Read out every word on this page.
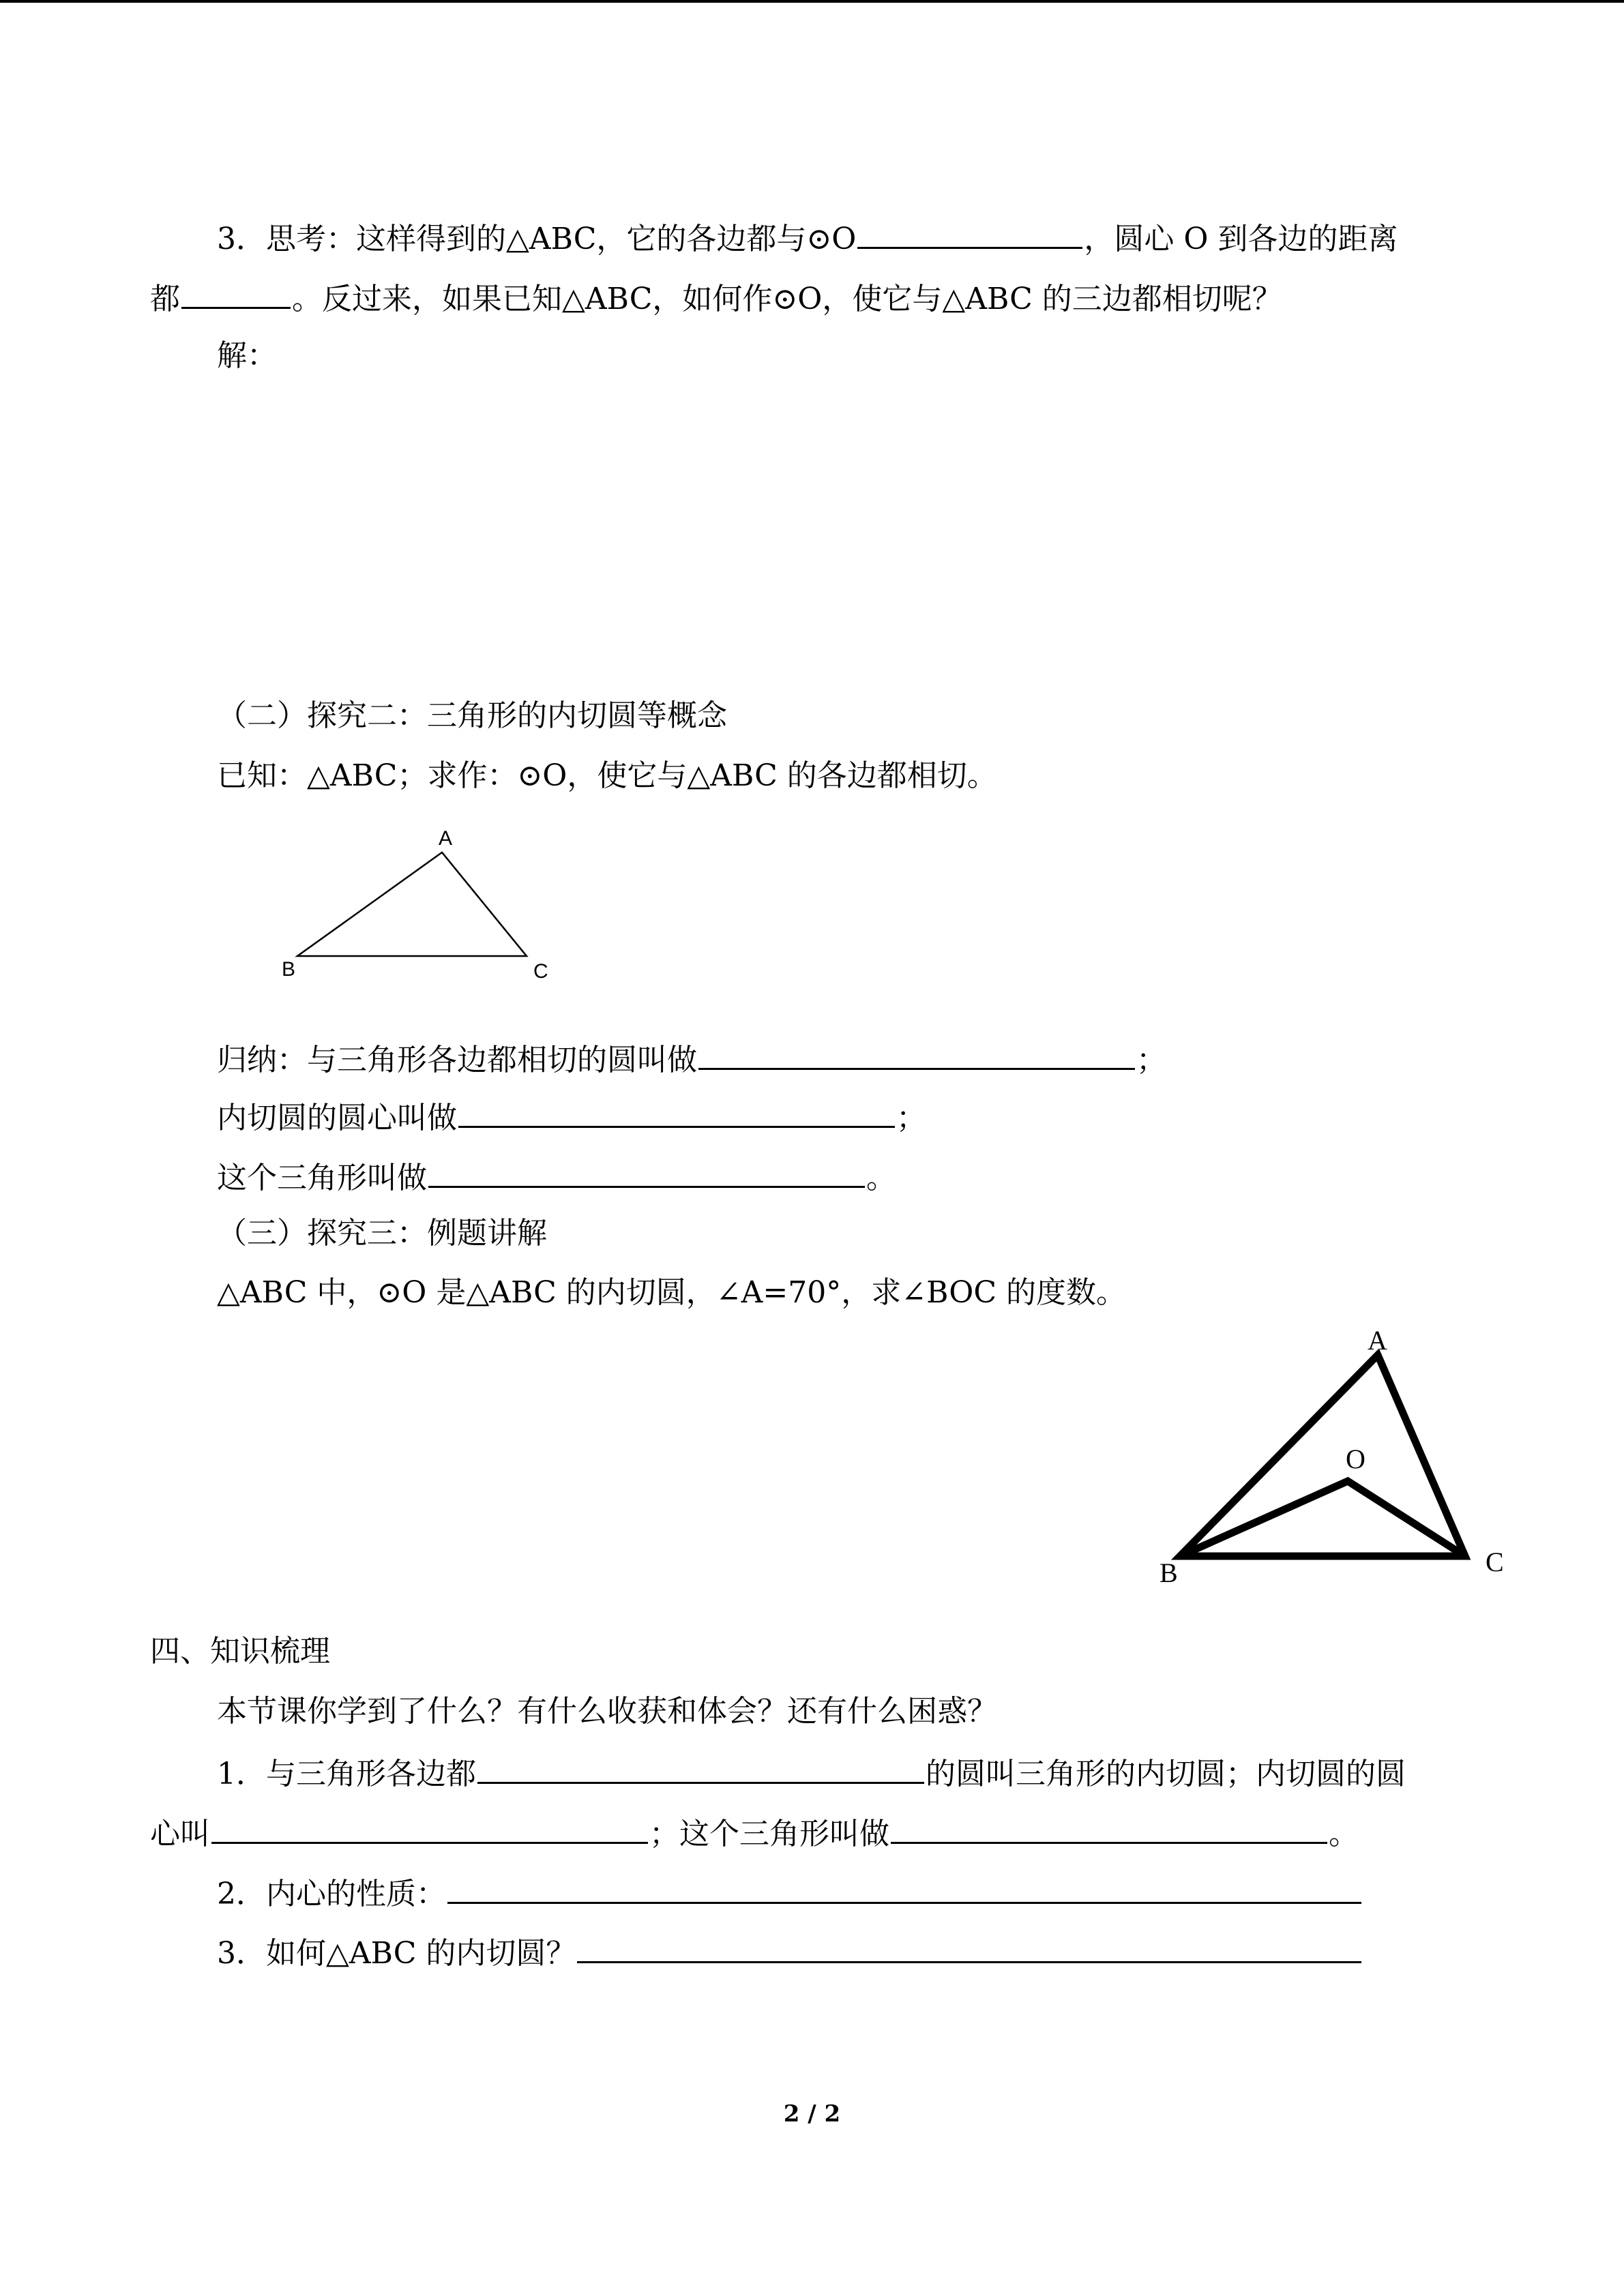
3．思考：这样得到的△ABC，它的各边都与⊙O	，圆心 O 到各边的距离
都	。反过来，如果已知△ABC，如何作⊙O，使它与△ABC 的三边都相切呢？
解：
（二）探究二：三角形的内切圆等概念
已知：△ABC；求作：⊙O，使它与△ABC 的各边都相切。
A
B	C
归纳：与三角形各边都相切的圆叫做	；
内切圆的圆心叫做	；
这个三角形叫做	。
（三）探究三：例题讲解
△ABC 中，⊙O 是△ABC 的内切圆，∠A=70°，求∠BOC 的度数。
A
O
B	C
四、知识梳理
本节课你学到了什么？有什么收获和体会？还有什么困惑？
1．与三角形各边都	的圆叫三角形的内切圆；内切圆的圆
心叫	；这个三角形叫做	。
2．内心的性质：
3．如何△ABC 的内切圆？
2 / 2
